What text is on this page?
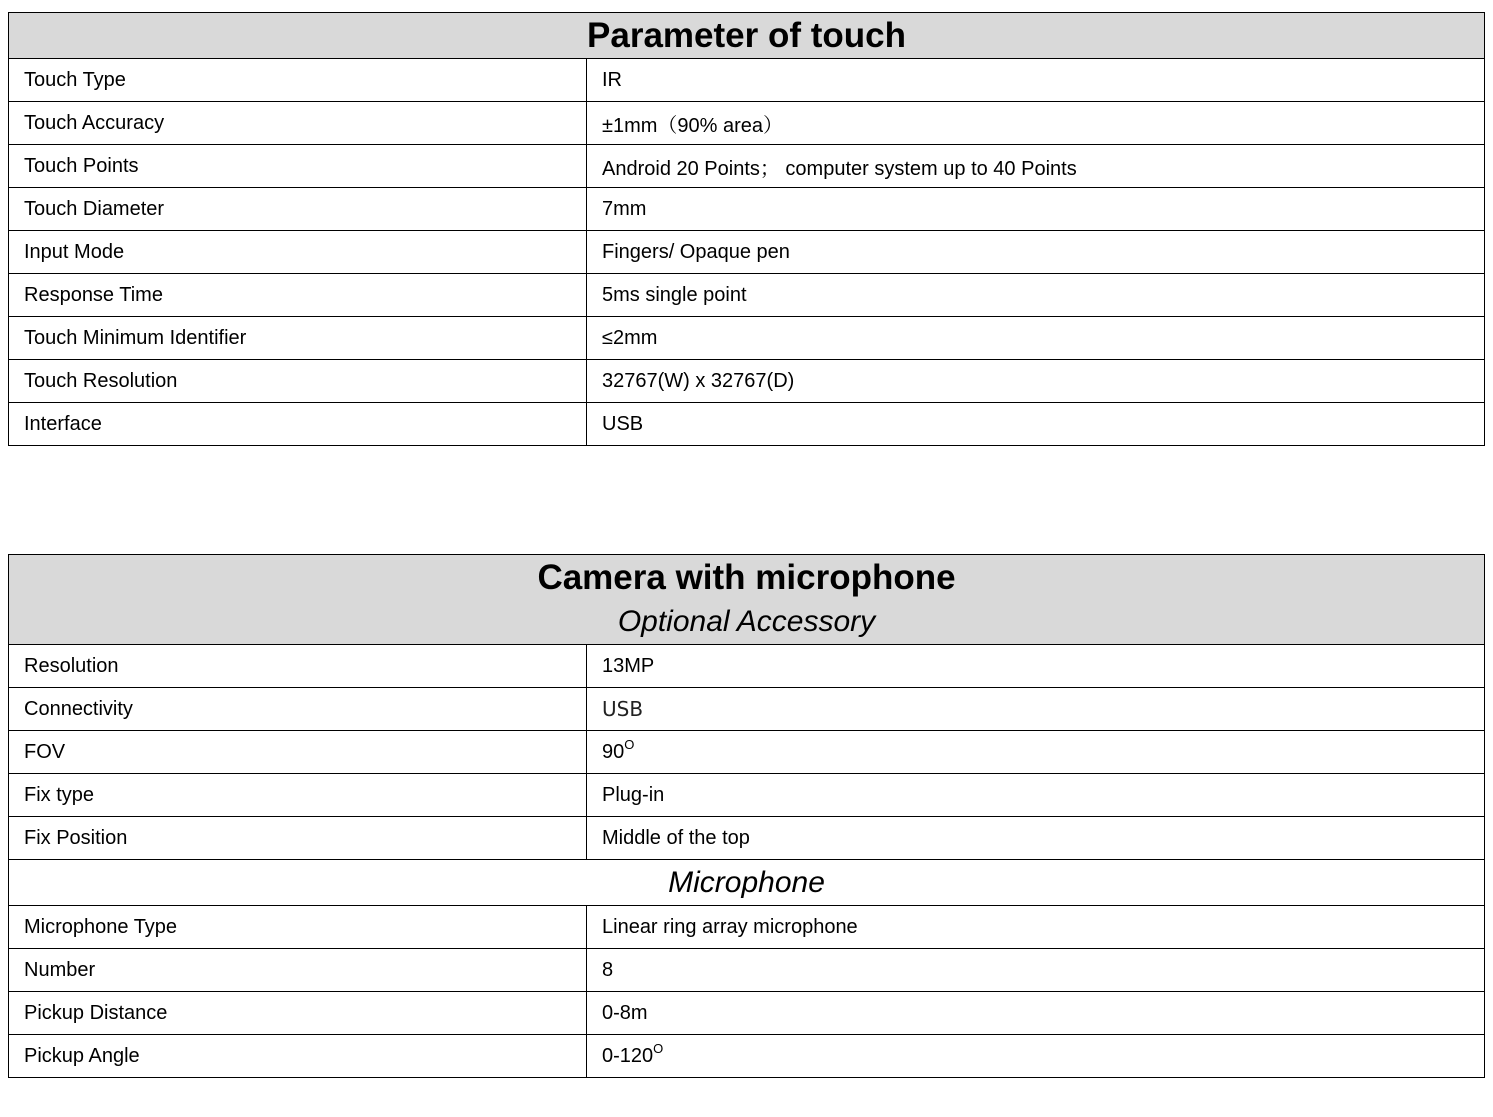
Parameter of touch	

Touch Type	IR
Touch Accuracy	±1mm（90% area）
Touch Points	Android 20 Points； computer system up to 40 Points
Touch Diameter	7mm
Input Mode	Fingers/ Opaque pen
Response Time	5ms single point
Touch Minimum Identifier	≤2mm
Touch Resolution	32767(W) x 32767(D)
Interface	USB
Camera with microphone
Optional Accessory	

Resolution	13MP
Connectivity	USB
FOV	$90^O$
Fix type	Plug-in
Fix Position	Middle of the top
Microphone	
Microphone Type	Linear ring array microphone
Number	8
Pickup Distance	0-8m
Pickup Angle	$0-120^O$
